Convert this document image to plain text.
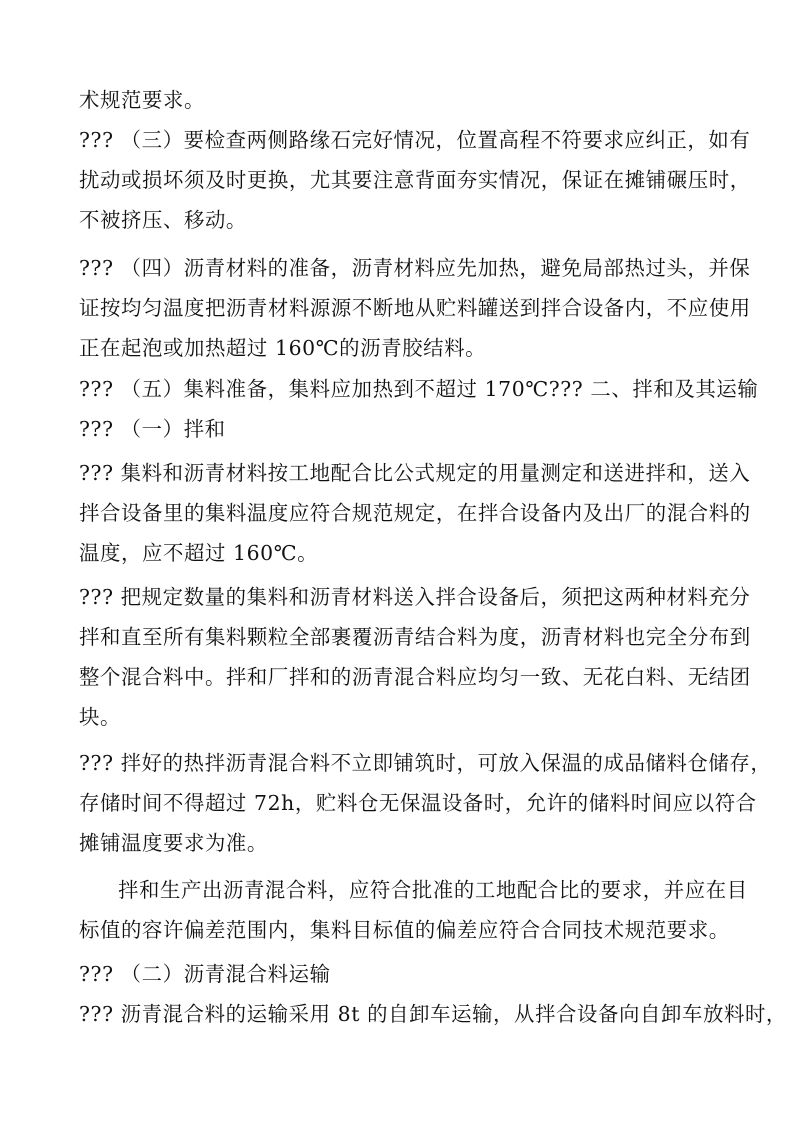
术规范要求。
??? （三）要检查两侧路缘石完好情况，位置高程不符要求应纠正，如有
扰动或损坏须及时更换，尤其要注意背面夯实情况，保证在摊铺碾压时，
不被挤压、移动。
??? （四）沥青材料的准备，沥青材料应先加热，避免局部热过头，并保
证按均匀温度把沥青材料源源不断地从贮料罐送到拌合设备内，不应使用
正在起泡或加热超过 160℃的沥青胶结料。
??? （五）集料准备，集料应加热到不超过 170℃??? 二、拌和及其运输
??? （一）拌和
??? 集料和沥青材料按工地配合比公式规定的用量测定和送进拌和，送入
拌合设备里的集料温度应符合规范规定，在拌合设备内及出厂的混合料的
温度，应不超过 160℃。
??? 把规定数量的集料和沥青材料送入拌合设备后，须把这两种材料充分
拌和直至所有集料颗粒全部裹覆沥青结合料为度，沥青材料也完全分布到
整个混合料中。拌和厂拌和的沥青混合料应均匀一致、无花白料、无结团
块。
??? 拌好的热拌沥青混合料不立即铺筑时，可放入保温的成品储料仓储存，
存储时间不得超过 72h，贮料仓无保温设备时，允许的储料时间应以符合
摊铺温度要求为准。
拌和生产出沥青混合料，应符合批准的工地配合比的要求，并应在目
标值的容许偏差范围内，集料目标值的偏差应符合合同技术规范要求。
??? （二）沥青混合料运输
??? 沥青混合料的运输采用 8t 的自卸车运输，从拌合设备向自卸车放料时，
